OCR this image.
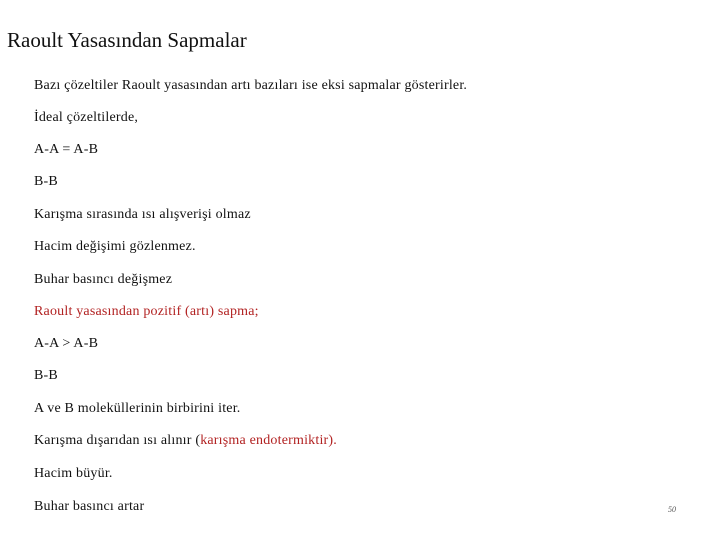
Raoult Yasasından Sapmalar
Bazı çözeltiler Raoult yasasından artı bazıları ise eksi sapmalar gösterirler.
İdeal çözeltilerde,
A-A = A-B
B-B
Karışma sırasında ısı alışverişi olmaz
Hacim değişimi gözlenmez.
Buhar basıncı değişmez
Raoult yasasından pozitif (artı) sapma;
A-A > A-B
B-B
A ve B moleküllerinin birbirini iter.
Karışma dışarıdan ısı alınır (karışma endotermiktir).
Hacim büyür.
Buhar basıncı artar	50
